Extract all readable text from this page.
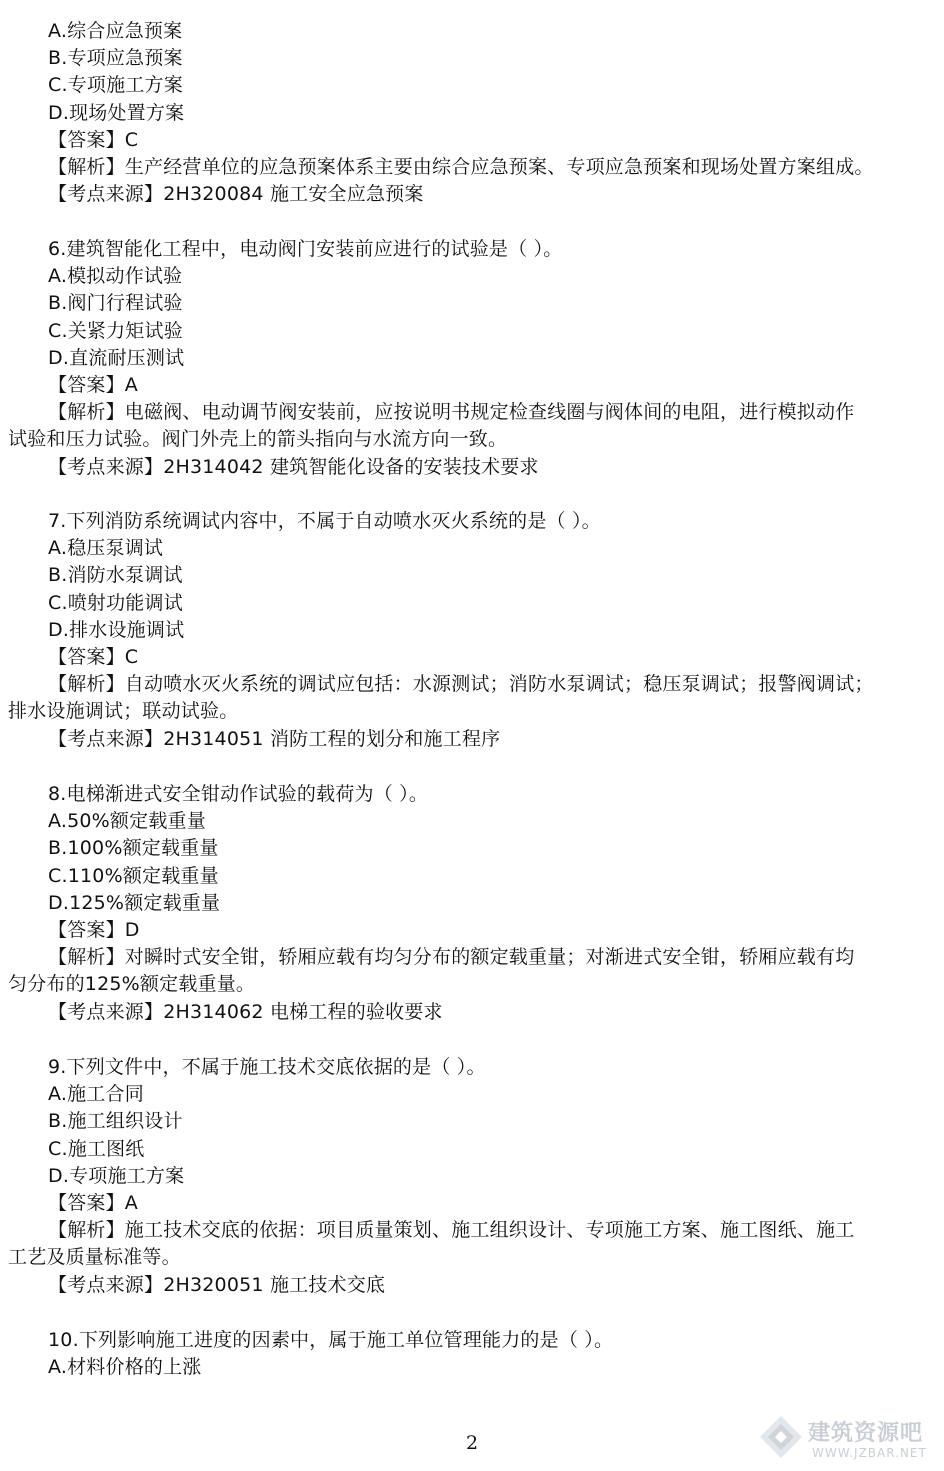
A.综合应急预案
B.专项应急预案
C.专项施工方案
D.现场处置方案
【答案】C
【解析】生产经营单位的应急预案体系主要由综合应急预案、专项应急预案和现场处置方案组成。
【考点来源】2H320084 施工安全应急预案
6.建筑智能化工程中，电动阀门安装前应进行的试验是（ ）。
A.模拟动作试验
B.阀门行程试验
C.关紧力矩试验
D.直流耐压测试
【答案】A
【解析】电磁阀、电动调节阀安装前，应按说明书规定检查线圈与阀体间的电阻，进行模拟动作
试验和压力试验。阀门外壳上的箭头指向与水流方向一致。
【考点来源】2H314042 建筑智能化设备的安装技术要求
7.下列消防系统调试内容中，不属于自动喷水灭火系统的是（ ）。
A.稳压泵调试
B.消防水泵调试
C.喷射功能调试
D.排水设施调试
【答案】C
【解析】自动喷水灭火系统的调试应包括：水源测试；消防水泵调试；稳压泵调试；报警阀调试；
排水设施调试；联动试验。
【考点来源】2H314051 消防工程的划分和施工程序
8.电梯渐进式安全钳动作试验的载荷为（ ）。
A.50%额定载重量
B.100%额定载重量
C.110%额定载重量
D.125%额定载重量
【答案】D
【解析】对瞬时式安全钳，轿厢应载有均匀分布的额定载重量；对渐进式安全钳，轿厢应载有均
匀分布的125%额定载重量。
【考点来源】2H314062 电梯工程的验收要求
9.下列文件中，不属于施工技术交底依据的是（ ）。
A.施工合同
B.施工组织设计
C.施工图纸
D.专项施工方案
【答案】A
【解析】施工技术交底的依据：项目质量策划、施工组织设计、专项施工方案、施工图纸、施工
工艺及质量标准等。
【考点来源】2H320051 施工技术交底
10.下列影响施工进度的因素中，属于施工单位管理能力的是（ ）。
A.材料价格的上涨
2	建筑资源吧
WWW.JZBAR.NET
